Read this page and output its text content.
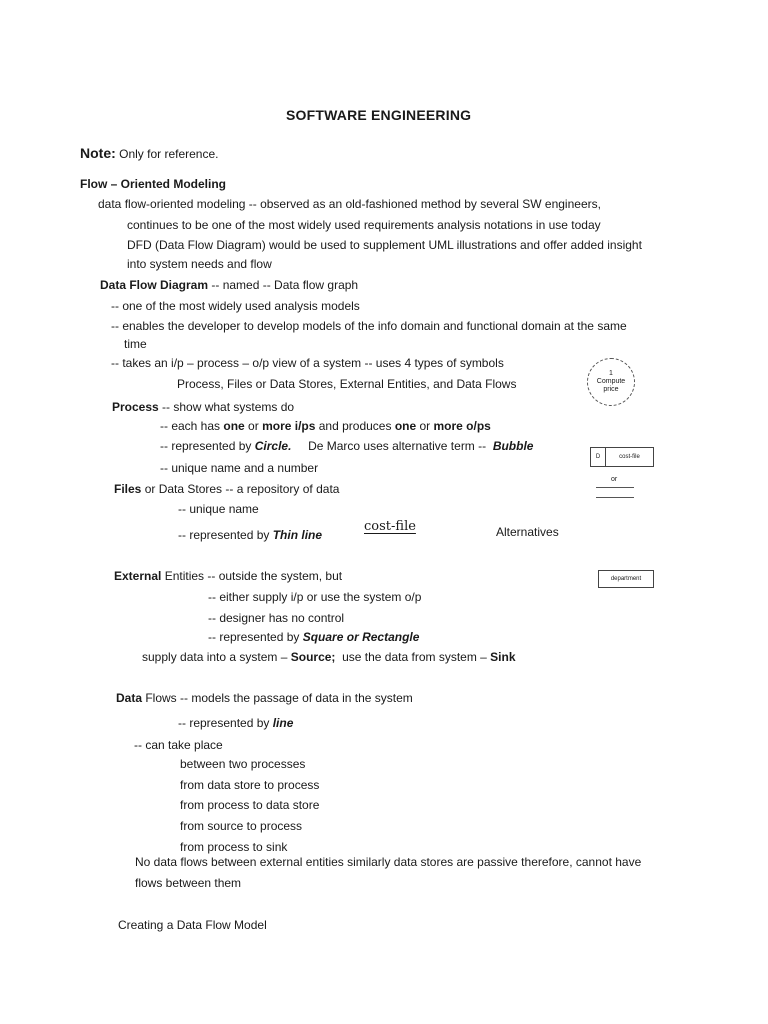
SOFTWARE ENGINEERING
Note: Only for reference.
Flow – Oriented Modeling
data flow-oriented modeling -- observed as an old-fashioned method by several SW engineers,
continues to be one of the most widely used requirements analysis notations in use today
DFD (Data Flow Diagram) would be used to supplement UML illustrations and offer added insight
into system needs and flow
Data Flow Diagram -- named -- Data flow graph
-- one of the most widely used analysis models
-- enables the developer to develop models of the info domain and functional domain at the same
time
-- takes an i/p – process – o/p view of a system -- uses 4 types of symbols
Process, Files or Data Stores, External Entities, and Data Flows
Process -- show what systems do
-- each has one or more i/ps and produces one or more o/ps
-- represented by Circle.     De Marco uses alternative term --  Bubble
-- unique name and a number
Files or Data Stores -- a repository of data
-- unique name
-- represented by Thin line
cost-file	Alternatives
External Entities -- outside the system, but
-- either supply i/p or use the system o/p
-- designer has no control
-- represented by Square or Rectangle
supply data into a system – Source;  use the data from system – Sink
Data Flows -- models the passage of data in the system
-- represented by line
-- can take place
between two processes
from data store to process
from process to data store
from source to process
from process to sink
No data flows between external entities similarly data stores are passive therefore, cannot have
flows between them
Creating a Data Flow Model
1
Compute
price
D	cost-file
or
department
